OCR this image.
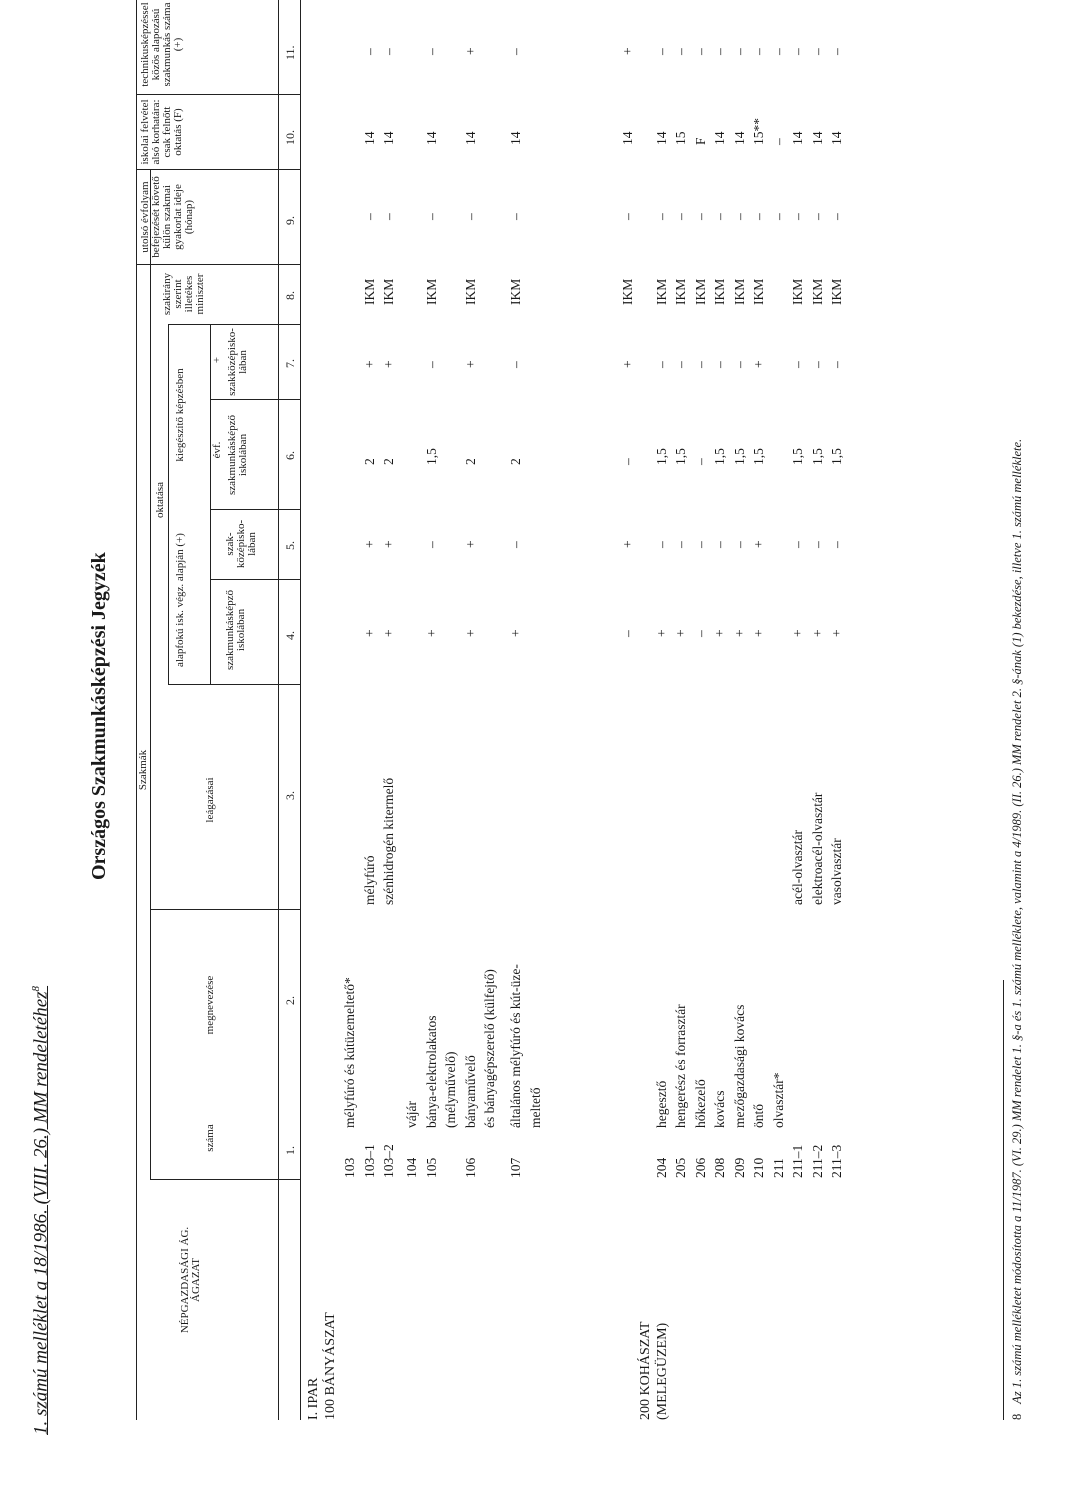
1. számú melléklet a 18/1986. (VIII. 26.) MM rendeletéhez$^8$
Országos Szakmunkásképzési Jegyzék
NÉPGAZDASÁGI ÁG. ÁGAZAT
Szakmák
száma
megnevezése
leágazásai
oktatása
alapfokú isk. végz. alapján (+)	szakmunkásképző iskolában
szakközépiskolában
kiegészítő képzésben évf.
+
szakmunkásképző iskolában
szakközépiskolában
szakirány szerint illetékes miniszter
utolsó évfolyam befejezését követő külön szakmai gyakorlat ideje (hónap)
iskolai felvétel alsó korhatára: csak felnőtt oktatás (F)
technikusképzéssel közös alapozású szakmunkás száma (+)
1.
2.
3.
4.
5.
6.
7.
8.
9.
10.
11.
I. IPAR 100 BÁNYÁSZAT	200 KOHÁSZAT (MELEGÜZEM)
103
mélyfúró és kútüzemeltető*
103–1
mélyfúró
+
+
2
+
IKM
–
14
–
103–2
szénhidrogén kitermelő
+
+
2
+
IKM
–
14
–
104
vájár
105
bánya-elektrolakatos
+
–
1,5
–
IKM
–
14
–
(mélyművelő)
106
bányaművelő
+
+
2
+
IKM
–
14
+
és bányagépszerelő (külfejtő)
107
általános mélyfúró és kút-üze-
+
–
2
–
IKM
–
14
–
meltető
–
+
–
+
IKM
–
14
+
204
hegesztő
+
–
1,5
–
IKM
–
14
–
205
hengerész és forrasztár
+
–
1,5
–
IKM
–
15
–
206
hőkezelő
–
–
–
–
IKM
–
F
–
208
kovács
+
–
1,5
–
IKM
–
14
–
209
mezőgazdasági kovács
+
–
1,5
–
IKM
–
14
–
210
öntő
+
+
1,5
+
IKM
–
15**
–
211
olvasztár*
–
–
–
211–1
acél-olvasztár
+
–
1,5
–
IKM
–
14
–
211–2
elektroacél-olvasztár
+
–
1,5
–
IKM
–
14
–
211–3
vasolvasztár
+
–
1,5
–
IKM
–
14
–
8Az 1. számú mellékletet módosította a 11/1987. (VI. 29.) MM rendelet 1. §-a és 1. számú melléklete, valamint a 4/1989. (II. 26.) MM rendelet 2. §-ának (1) bekezdése, illetve 1. számú melléklete.
